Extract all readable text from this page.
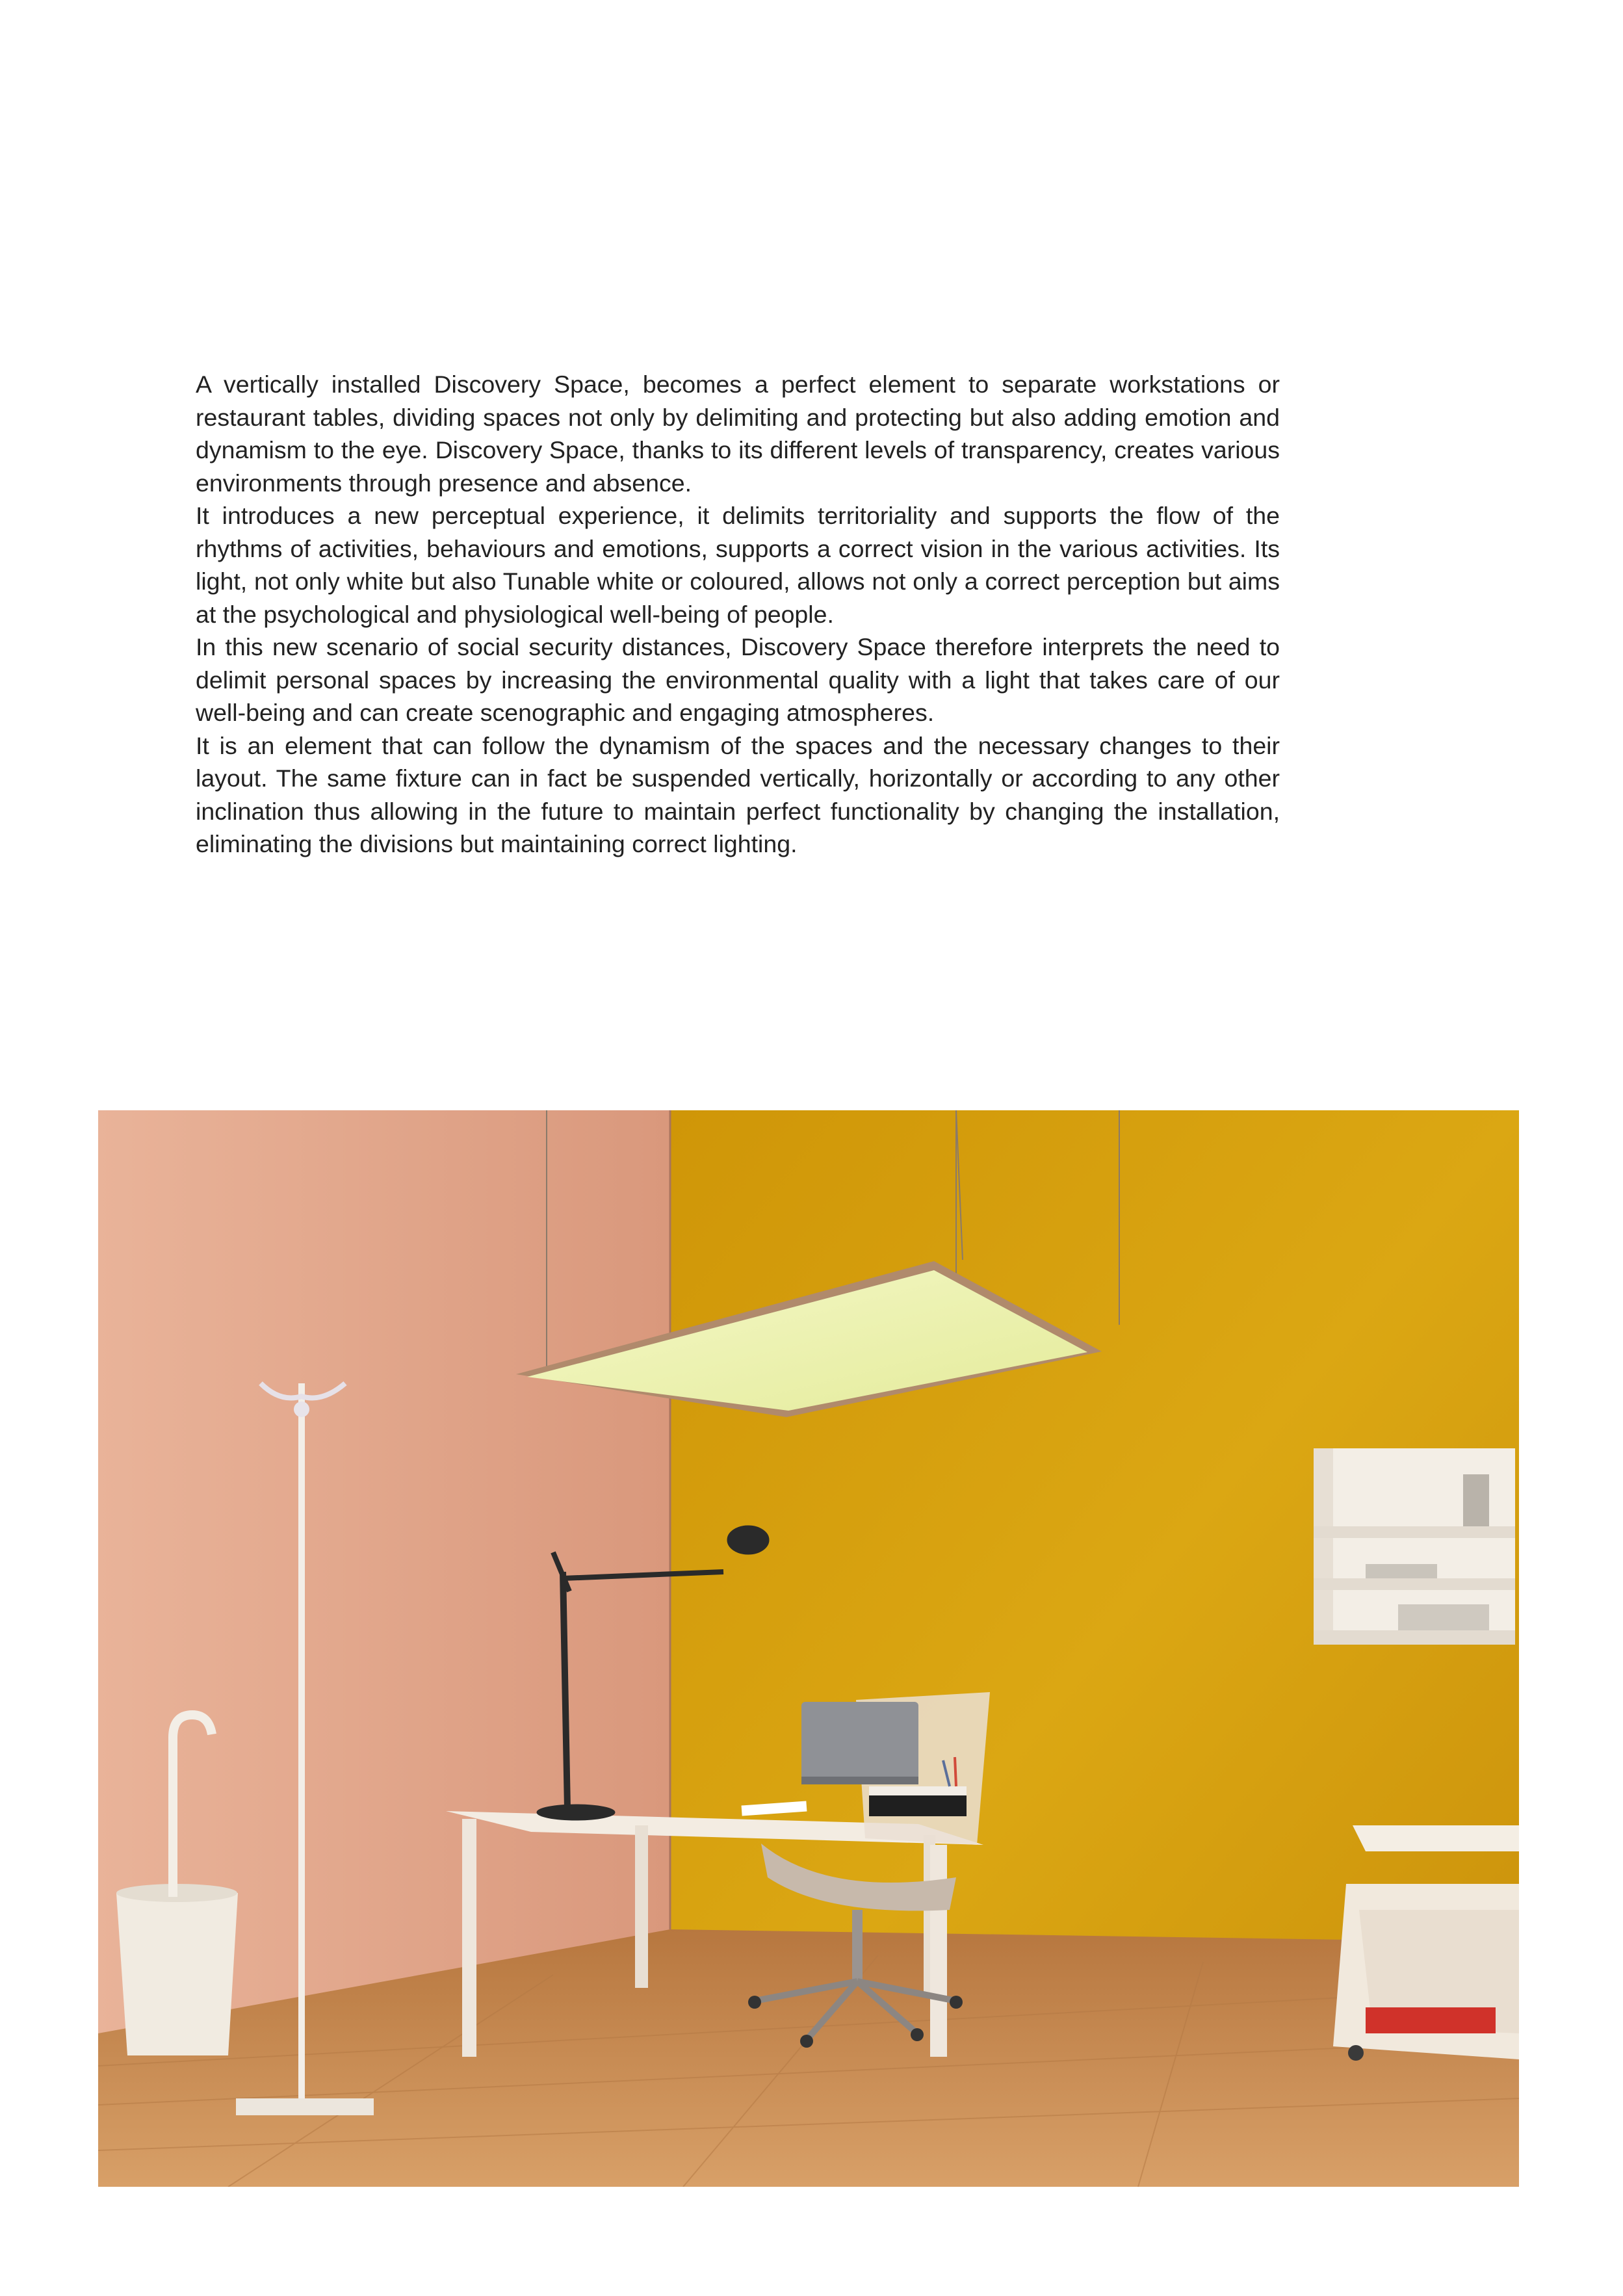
A vertically installed Discovery Space, becomes a perfect element to separate workstations or restaurant tables, dividing spaces not only by delimiting and protecting but also adding emotion and dynamism to the eye. Discovery Space, thanks to its different levels of transparency, creates various environments through presence and absence.

It introduces a new perceptual experience, it delimits territoriality and supports the flow of the rhythms of activities, behaviours and emotions, supports a correct vision in the various activities. Its light, not only white but also Tunable white or coloured, allows not only a correct perception but aims at the psychological and physiological well-being of people.

In this new scenario of social security distances, Discovery Space therefore interprets the need to delimit personal spaces by increasing the environmental quality with a light that takes care of our well-being and can create scenographic and engaging atmospheres.

It is an element that can follow the dynamism of the spaces and the necessary changes to their layout. The same fixture can in fact be suspended vertically, horizontally or according to any other inclination thus allowing in the future to maintain perfect functionality by changing the installation, eliminating the divisions but maintaining correct lighting.
